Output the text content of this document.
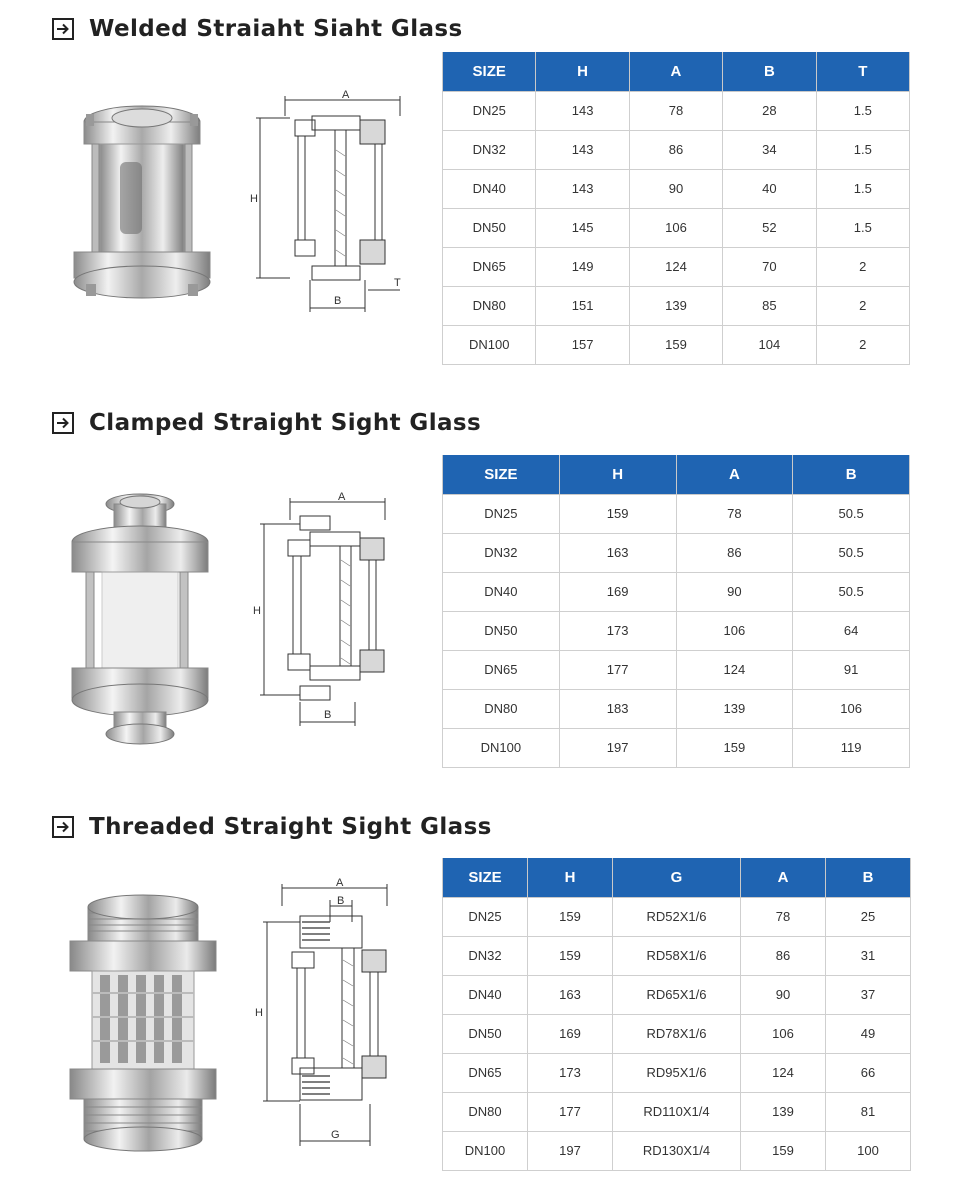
Welded Straiaht Siaht Glass
A
H
B
T
SIZE	H	A	B	T
DN25	143	78	28	1.5
DN32	143	86	34	1.5
DN40	143	90	40	1.5
DN50	145	106	52	1.5
DN65	149	124	70	2
DN80	151	139	85	2
DN100	157	159	104	2
Clamped Straight Sight Glass
A
H
B
SIZE	H	A	B
DN25	159	78	50.5
DN32	163	86	50.5
DN40	169	90	50.5
DN50	173	106	64
DN65	177	124	91
DN80	183	139	106
DN100	197	159	119
Threaded Straight Sight Glass
A
B
H
G
SIZE	H	G	A	B
DN25	159	RD52X1/6	78	25
DN32	159	RD58X1/6	86	31
DN40	163	RD65X1/6	90	37
DN50	169	RD78X1/6	106	49
DN65	173	RD95X1/6	124	66
DN80	177	RD110X1/4	139	81
DN100	197	RD130X1/4	159	100
